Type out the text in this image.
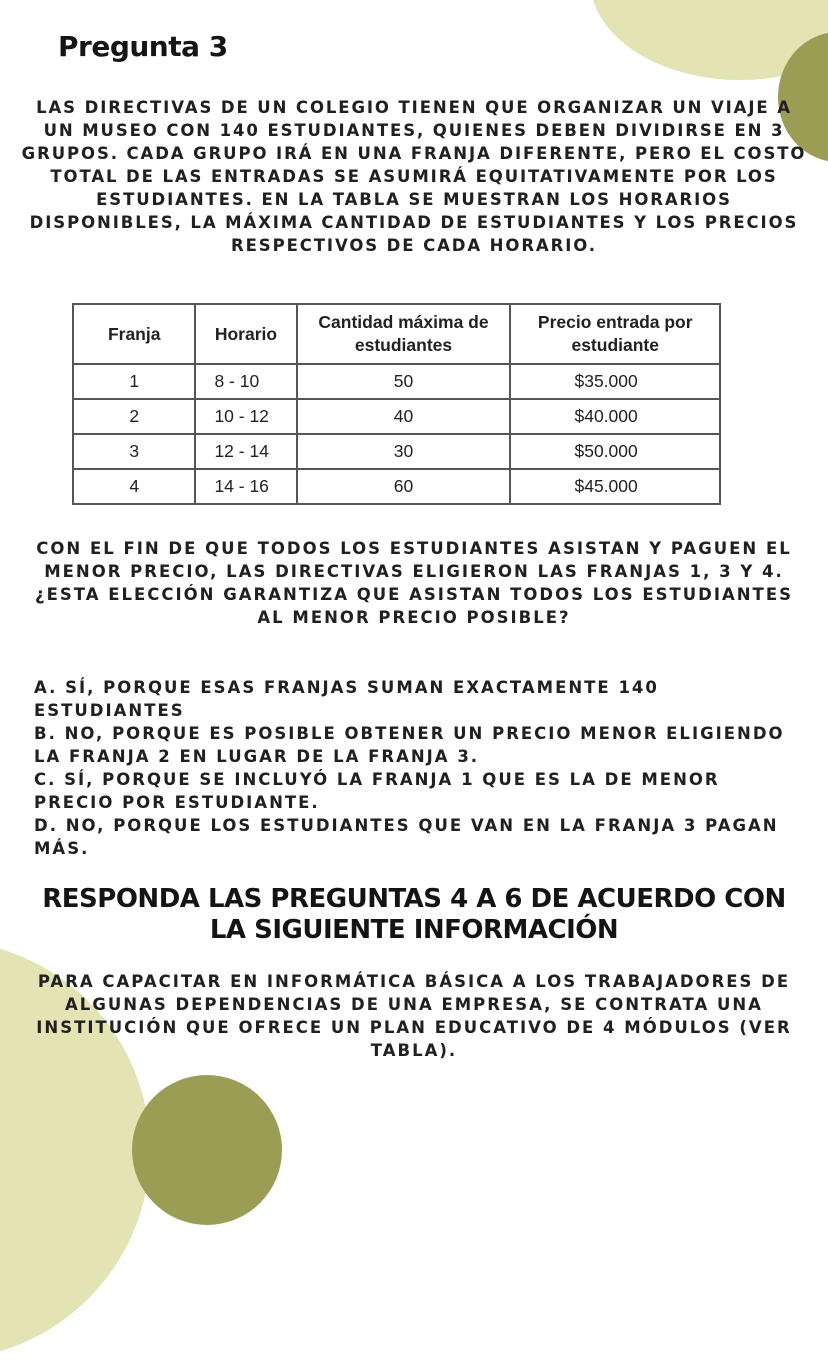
Pregunta 3
LAS DIRECTIVAS DE UN COLEGIO TIENEN QUE ORGANIZAR UN VIAJE A UN MUSEO CON 140 ESTUDIANTES, QUIENES DEBEN DIVIDIRSE EN 3 GRUPOS. CADA GRUPO IRÁ EN UNA FRANJA DIFERENTE, PERO EL COSTO TOTAL DE LAS ENTRADAS SE ASUMIRÁ EQUITATIVAMENTE POR LOS ESTUDIANTES. EN LA TABLA SE MUESTRAN LOS HORARIOS DISPONIBLES, LA MÁXIMA CANTIDAD DE ESTUDIANTES Y LOS PRECIOS RESPECTIVOS DE CADA HORARIO.
Franja	Horario	Cantidad máxima de estudiantes	Precio entrada por estudiante
1	8 - 10	50	$35.000
2	10 - 12	40	$40.000
3	12 - 14	30	$50.000
4	14 - 16	60	$45.000
CON EL FIN DE QUE TODOS LOS ESTUDIANTES ASISTAN Y PAGUEN EL MENOR PRECIO, LAS DIRECTIVAS ELIGIERON LAS FRANJAS 1, 3 Y 4. ¿ESTA ELECCIÓN GARANTIZA QUE ASISTAN TODOS LOS ESTUDIANTES AL MENOR PRECIO POSIBLE?
A. SÍ, PORQUE ESAS FRANJAS SUMAN EXACTAMENTE 140 ESTUDIANTES
B. NO, PORQUE ES POSIBLE OBTENER UN PRECIO MENOR ELIGIENDO LA FRANJA 2 EN LUGAR DE LA FRANJA 3.
C. SÍ, PORQUE SE INCLUYÓ LA FRANJA 1 QUE ES LA DE MENOR PRECIO POR ESTUDIANTE.
D. NO, PORQUE LOS ESTUDIANTES QUE VAN EN LA FRANJA 3 PAGAN MÁS.
RESPONDA LAS PREGUNTAS 4 A 6 DE ACUERDO CON LA SIGUIENTE INFORMACIÓN
PARA CAPACITAR EN INFORMÁTICA BÁSICA A LOS TRABAJADORES DE ALGUNAS DEPENDENCIAS DE UNA EMPRESA, SE CONTRATA UNA INSTITUCIÓN QUE OFRECE UN PLAN EDUCATIVO DE 4 MÓDULOS (VER TABLA).
